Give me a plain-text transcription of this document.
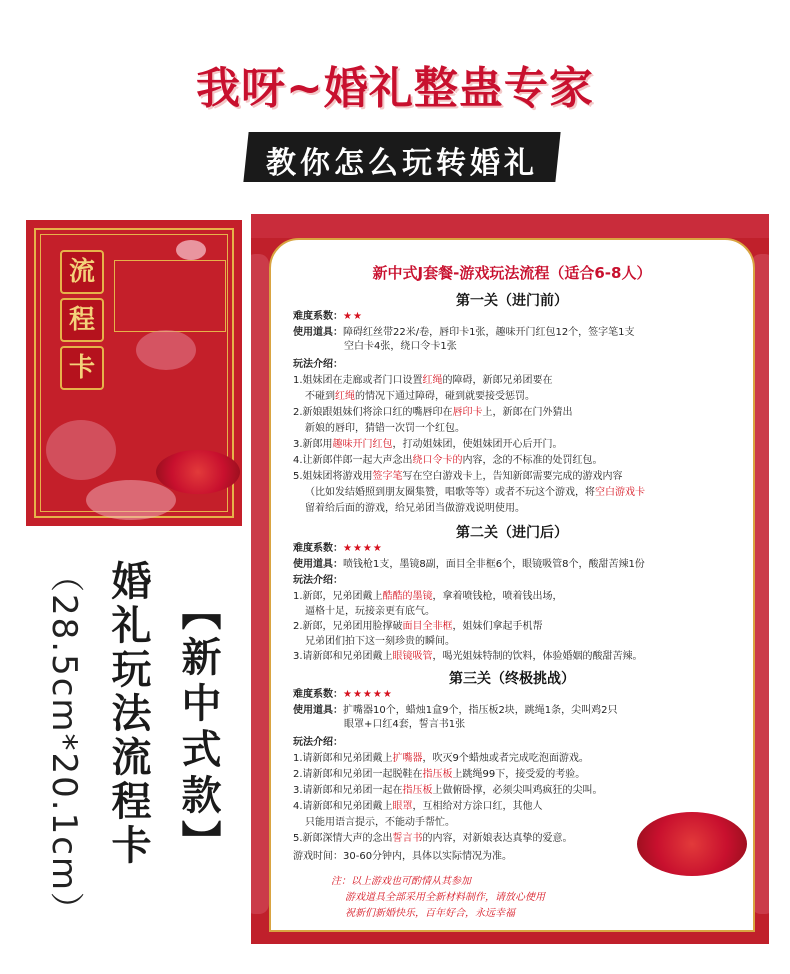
我呀~婚礼整蛊专家
教你怎么玩转婚礼
流
程
卡
（28.5cm*20.1cm） 婚礼玩法流程卡 【新中式款】
新中式J套餐-游戏玩法流程（适合6-8人）
第一关（进门前）
难度系数：★★
使用道具：障碍红丝带22米/卷，唇印卡1张，趣味开门红包12个，签字笔1支
空白卡4张，绕口令卡1张
玩法介绍：
第二关（进门后）
难度系数：★★★★
使用道具：喷钱枪1支，墨镜8副，面目全非框6个，眼镜吸管8个，酸甜苦辣1份
玩法介绍：
第三关（终极挑战）
难度系数：★★★★★
使用道具：扩嘴器10个，蜡烛1盒9个，指压板2块，跳绳1条，尖叫鸡2只
眼罩+口红4套，誓言书1张
玩法介绍：
游戏时间：30-60分钟内，具体以实际情况为准。
注：以上游戏也可酌情从其参加
游戏道具全部采用全新材料制作，请放心使用
祝新们新婚快乐，百年好合，永远幸福
1.姐妹团在走廊或者门口设置红绳的障碍，新郎兄弟团要在
不碰到红绳的情况下通过障碍，碰到就要接受惩罚。
2.新娘跟姐妹们将涂口红的嘴唇印在唇印卡上，新郎在门外猜出
新娘的唇印，猜错一次罚一个红包。
3.新郎用趣味开门红包，打动姐妹团，使姐妹团开心后开门。
4.让新郎伴郎一起大声念出绕口令卡的内容，念的不标准的处罚红包。
5.姐妹团将游戏用签字笔写在空白游戏卡上，告知新郎需要完成的游戏内容
（比如发结婚照到朋友圈集赞，唱歌等等）或者不玩这个游戏，将空白游戏卡
留着给后面的游戏，给兄弟团当做游戏说明使用。
1.新郎，兄弟团戴上酷酷的墨镜，拿着喷钱枪，喷着钱出场，
逼格十足，玩接亲更有底气。
2.新郎，兄弟团用脸撑破面目全非框，姐妹们拿起手机帮
兄弟团们拍下这一刻珍贵的瞬间。
3.请新郎和兄弟团戴上眼镜吸管，喝光姐妹特制的饮料，体验婚姻的酸甜苦辣。
1.请新郎和兄弟团戴上扩嘴器，吹灭9个蜡烛或者完成吃泡面游戏。
2.请新郎和兄弟团一起脱鞋在指压板上跳绳99下，接受爱的考验。
3.请新郎和兄弟团一起在指压板上做俯卧撑，必须尖叫鸡疯狂的尖叫。
4.请新郎和兄弟团戴上眼罩，互相给对方涂口红，其他人
只能用语言提示，不能动手帮忙。
5.新郎深情大声的念出誓言书的内容，对新娘表达真挚的爱意。
